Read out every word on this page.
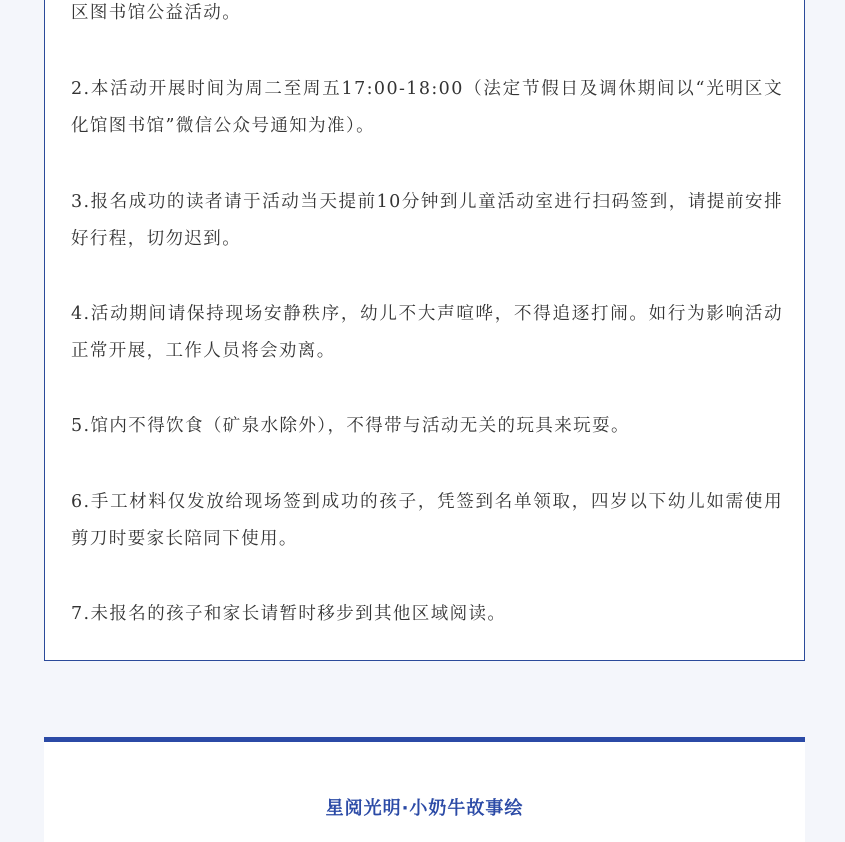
区图书馆公益活动。

2.本活动开展时间为周二至周五17:00-18:00（法定节假日及调休期间以“光明区文化馆图书馆”微信公众号通知为准）。

3.报名成功的读者请于活动当天提前10分钟到儿童活动室进行扫码签到，请提前安排好行程，切勿迟到。

4.活动期间请保持现场安静秩序，幼儿不大声喧哗，不得追逐打闹。如行为影响活动正常开展，工作人员将会劝离。

5.馆内不得饮食（矿泉水除外），不得带与活动无关的玩具来玩耍。

6.手工材料仅发放给现场签到成功的孩子，凭签到名单领取，四岁以下幼儿如需使用剪刀时要家长陪同下使用。

7.未报名的孩子和家长请暂时移步到其他区域阅读。

星阅光明·小奶牛故事绘
